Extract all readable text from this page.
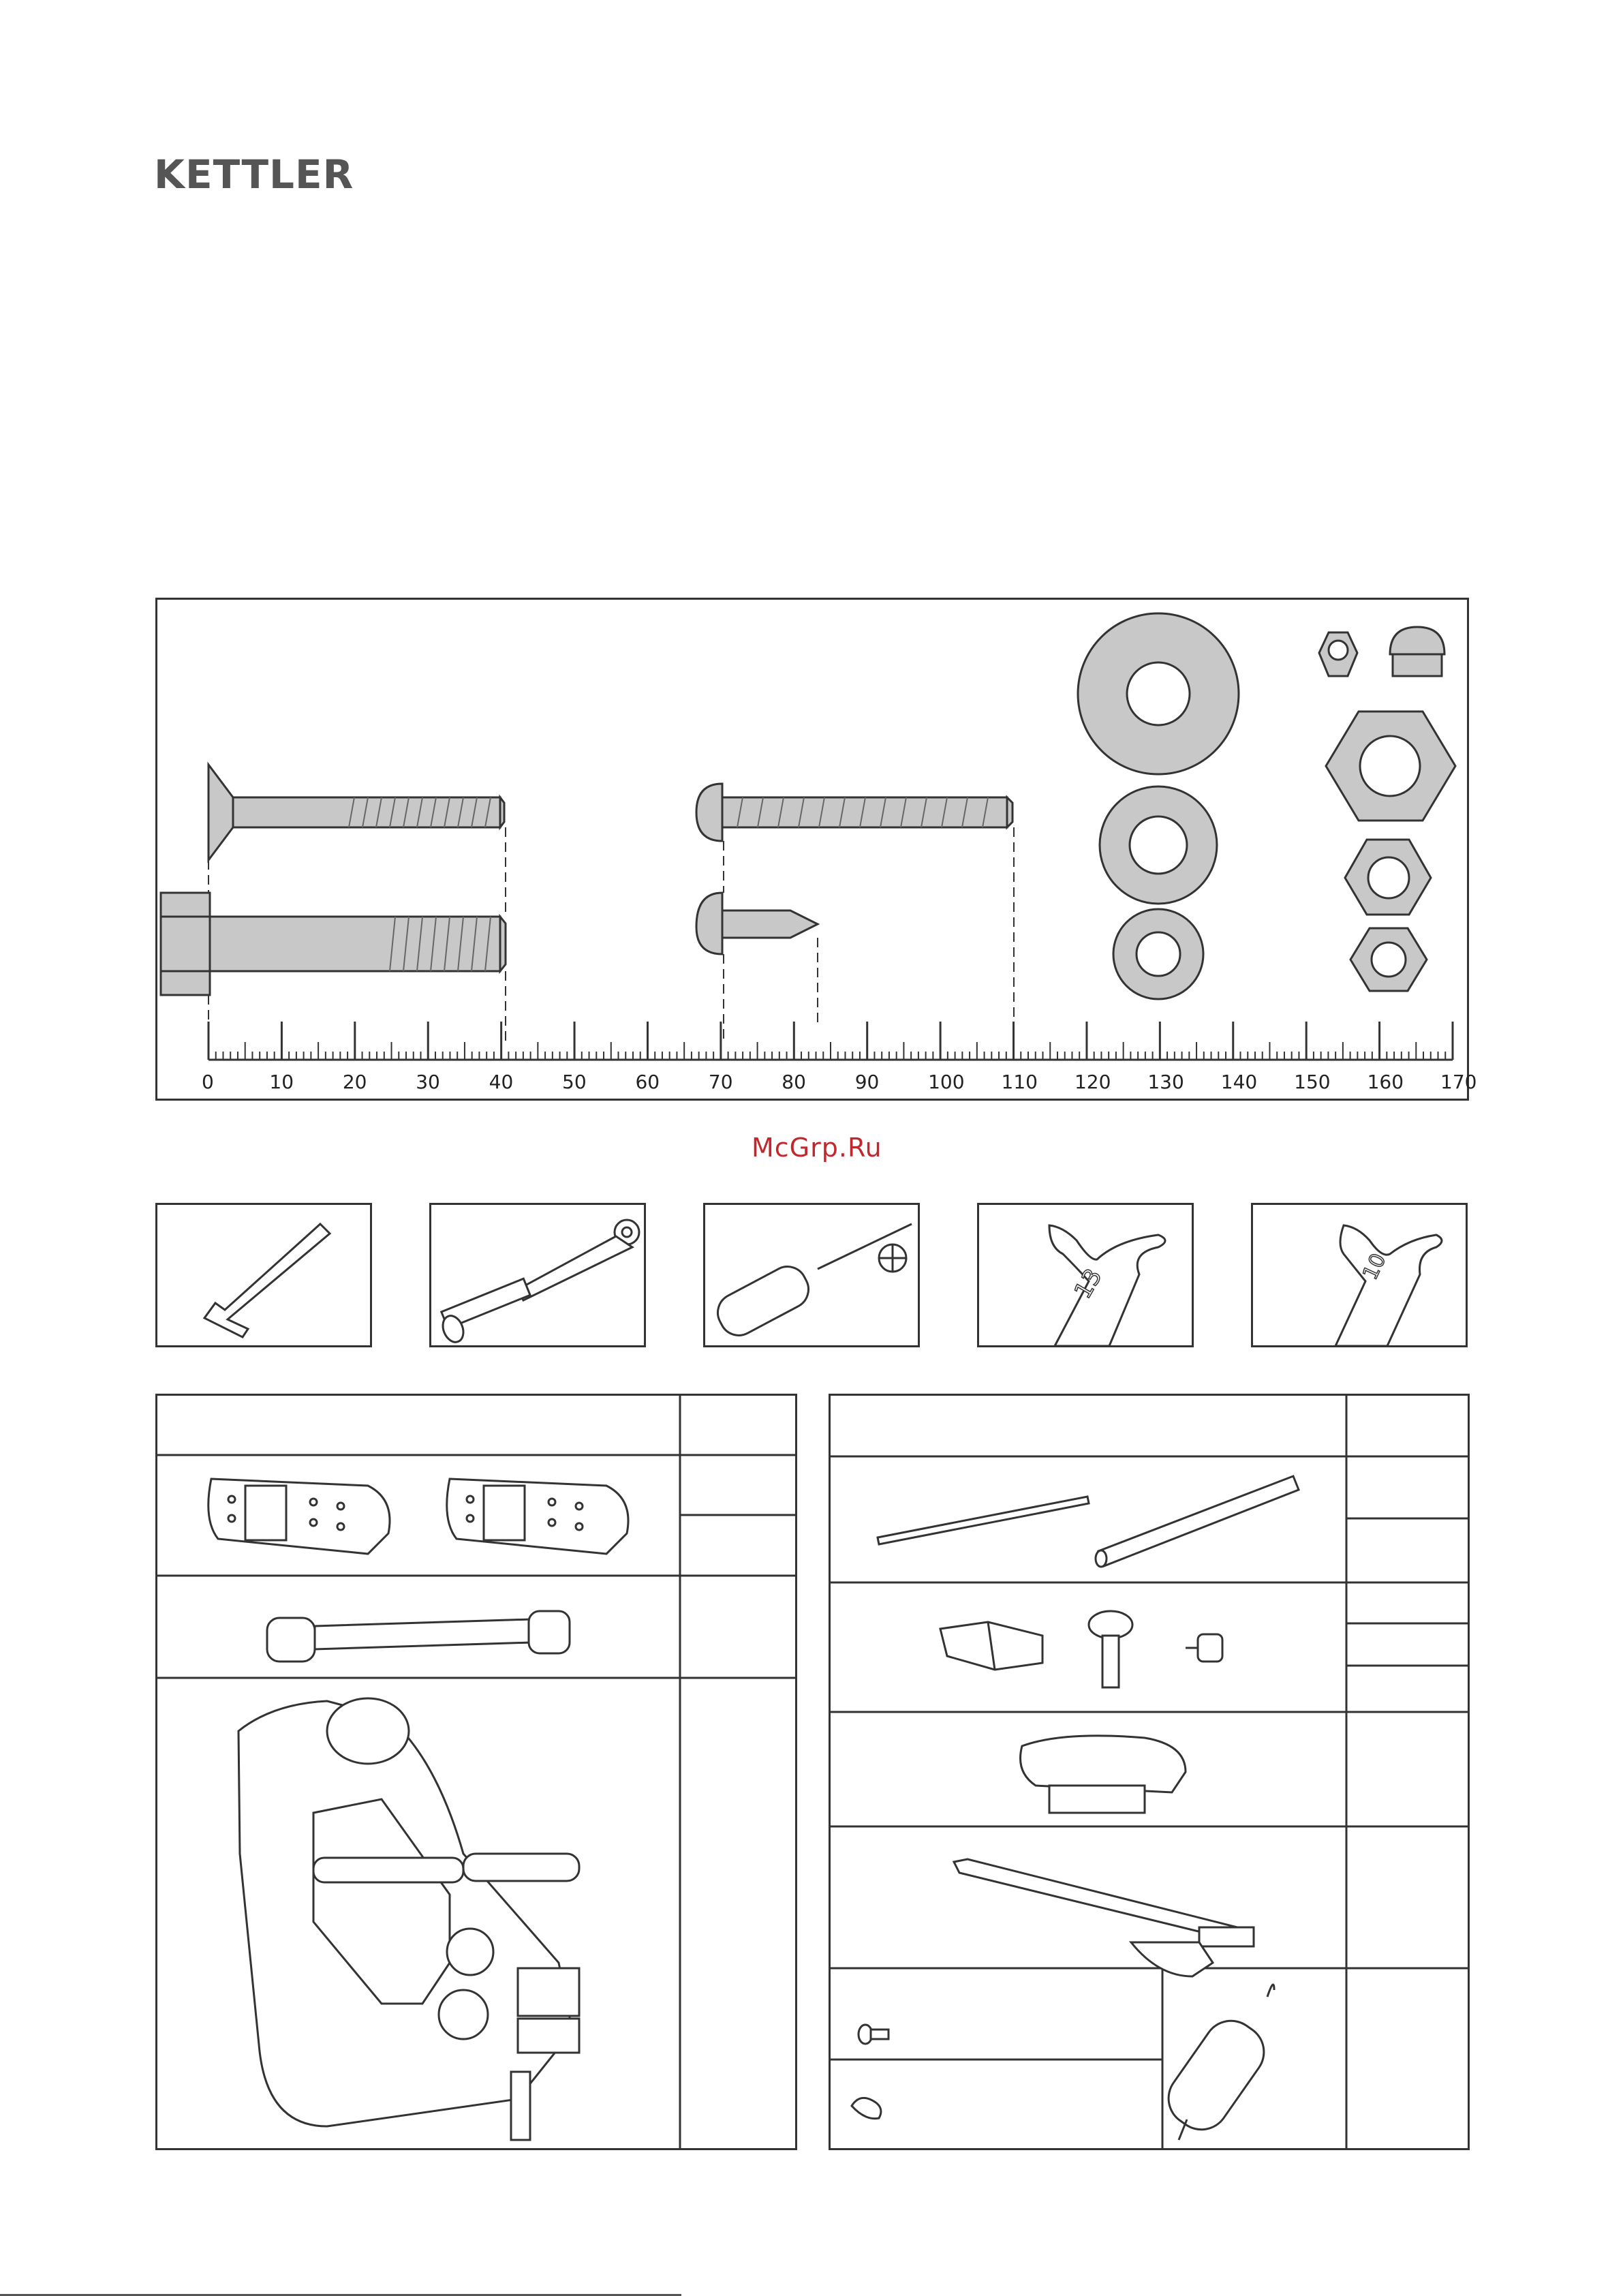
KETTLER
McGrp.Ru
0	10	20	30	40	50	60	70	80	90	100 110 120 130 140 150 160 170
13	10
